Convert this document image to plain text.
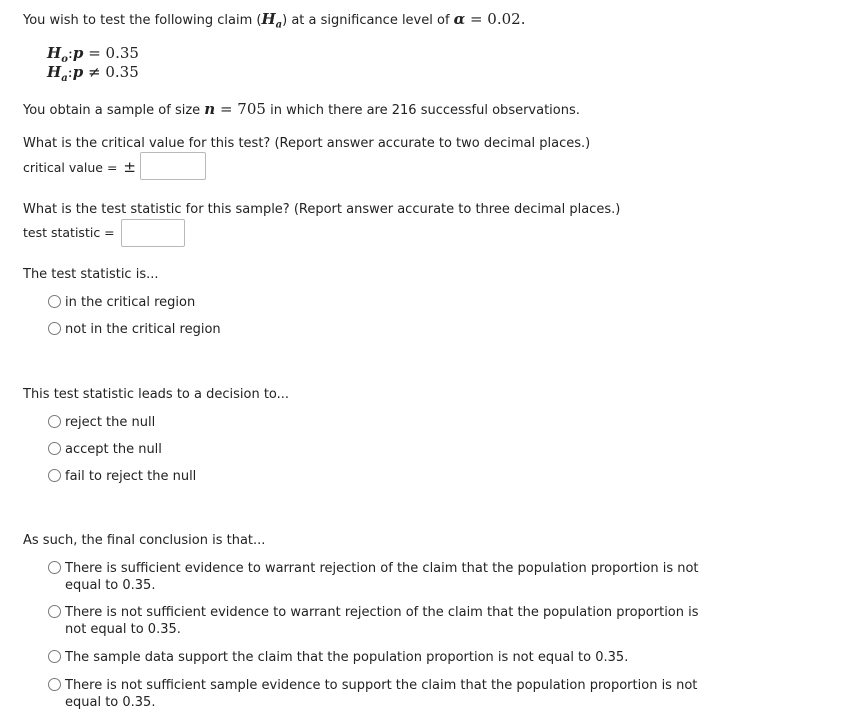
You wish to test the following claim $(H_a)$ at a significance level of α = 0.02.
$H_o:p = 0.35$
$H_a:p \ne 0.35$
You obtain a sample of size n = 705 in which there are 216 successful observations.
What is the critical value for this test? (Report answer accurate to two decimal places.)
critical value = ±
What is the test statistic for this sample? (Report answer accurate to three decimal places.)
test statistic =
The test statistic is...
in the critical region
not in the critical region
This test statistic leads to a decision to...
reject the null
accept the null
fail to reject the null
As such, the final conclusion is that...
There is sufficient evidence to warrant rejection of the claim that the population proportion is not equal to 0.35.
There is not sufficient evidence to warrant rejection of the claim that the population proportion is not equal to 0.35.
The sample data support the claim that the population proportion is not equal to 0.35.
There is not sufficient sample evidence to support the claim that the population proportion is not equal to 0.35.
